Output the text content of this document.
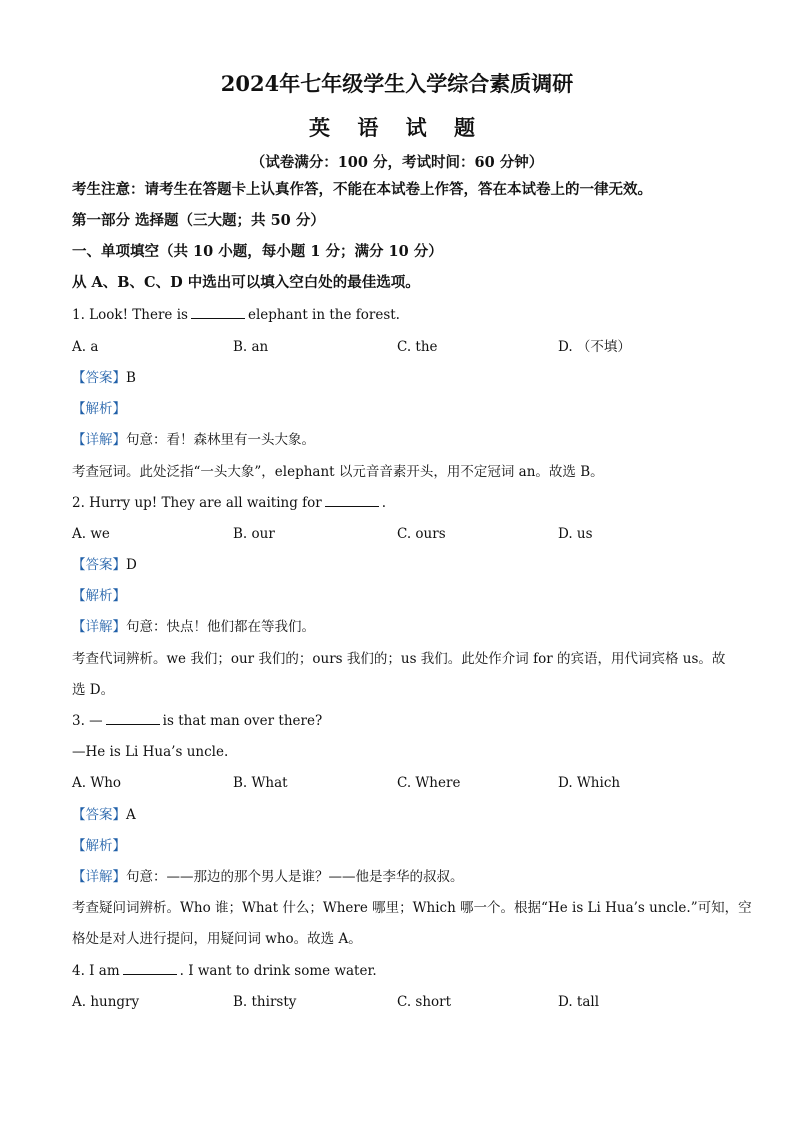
2024年七年级学生入学综合素质调研
英 语 试 题
（试卷满分：100 分，考试时间：60 分钟）
考生注意：请考生在答题卡上认真作答，不能在本试卷上作答，答在本试卷上的一律无效。
第一部分 选择题（三大题；共 50 分）
一、单项填空（共 10 小题，每小题 1 分；满分 10 分）
从 A、B、C、D 中选出可以填入空白处的最佳选项。
1. Look! There is	elephant in the forest.
A. a	B. an	C. the	D. （不填）
【答案】B
【解析】
【详解】句意：看！森林里有一头大象。
考查冠词。此处泛指“一头大象”，elephant 以元音音素开头，用不定冠词 an。故选 B。
2. Hurry up! They are all waiting for	.
A. we	B. our	C. ours	D. us
【答案】D
【解析】
【详解】句意：快点！他们都在等我们。
考查代词辨析。we 我们；our 我们的；ours 我们的；us 我们。此处作介词 for 的宾语，用代词宾格 us。故
选 D。
3. —	is that man over there?
—He is Li Hua’s uncle.
A. Who	B. What	C. Where	D. Which
【答案】A
【解析】
【详解】句意：——那边的那个男人是谁？——他是李华的叔叔。
考查疑问词辨析。Who 谁；What 什么；Where 哪里；Which 哪一个。根据“He is Li Hua’s uncle.”可知，空
格处是对人进行提问，用疑问词 who。故选 A。
4. I am	. I want to drink some water.
A. hungry	B. thirsty	C. short	D. tall
